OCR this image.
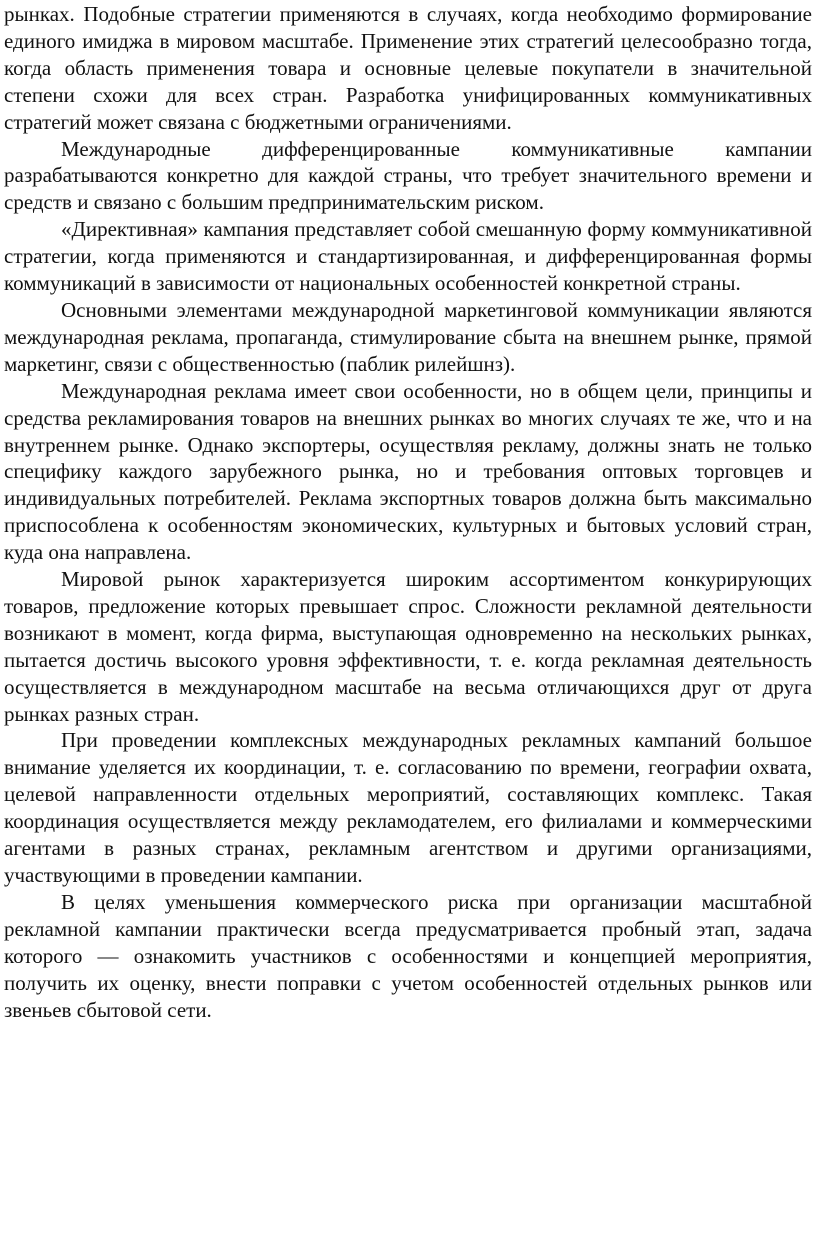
рынках. Подобные стратегии применяются в случаях, когда необходимо формирование единого имиджа в мировом масштабе. Применение этих стратегий целесообразно тогда, когда область применения товара и основные целевые покупатели в значительной степени схожи для всех стран. Разработка унифицированных коммуникативных стратегий может связана с бюджетными ограничениями.

Международные дифференцированные коммуникативные кампании разрабатываются конкретно для каждой страны, что требует значительного времени и средств и связано с большим предпринимательским риском.

«Директивная» кампания представляет собой смешанную форму коммуникативной стратегии, когда применяются и стандартизированная, и дифференцированная формы коммуникаций в зависимости от национальных особенностей конкретной страны.

Основными элементами международной маркетинговой коммуникации являются международная реклама, пропаганда, стимулирование сбыта на внешнем рынке, прямой маркетинг, связи с общественностью (паблик рилейшнз).

Международная реклама имеет свои особенности, но в общем цели, принципы и средства рекламирования товаров на внешних рынках во многих случаях те же, что и на внутреннем рынке. Однако экспортеры, осуществляя рекламу, должны знать не только специфику каждого зарубежного рынка, но и требования оптовых торговцев и индивидуальных потребителей. Реклама экспортных товаров должна быть максимально приспособлена к особенностям экономических, культурных и бытовых условий стран, куда она направлена.

Мировой рынок характеризуется широким ассортиментом конкурирующих товаров, предложение которых превышает спрос. Сложности рекламной деятельности возникают в момент, когда фирма, выступающая одновременно на нескольких рынках, пытается достичь высокого уровня эффективности, т. е. когда рекламная деятельность осуществляется в международном масштабе на весьма отличающихся друг от друга рынках разных стран.

При проведении комплексных международных рекламных кампаний большое внимание уделяется их координации, т. е. согласованию по времени, географии охвата, целевой направленности отдельных мероприятий, составляющих комплекс. Такая координация осуществляется между рекламодателем, его филиалами и коммерческими агентами в разных странах, рекламным агентством и другими организациями, участвующими в проведении кампании.

В целях уменьшения коммерческого риска при организации масштабной рекламной кампании практически всегда предусматривается пробный этап, задача которого — ознакомить участников с особенностями и концепцией мероприятия, получить их оценку, внести поправки с учетом особенностей отдельных рынков или звеньев сбытовой сети.
